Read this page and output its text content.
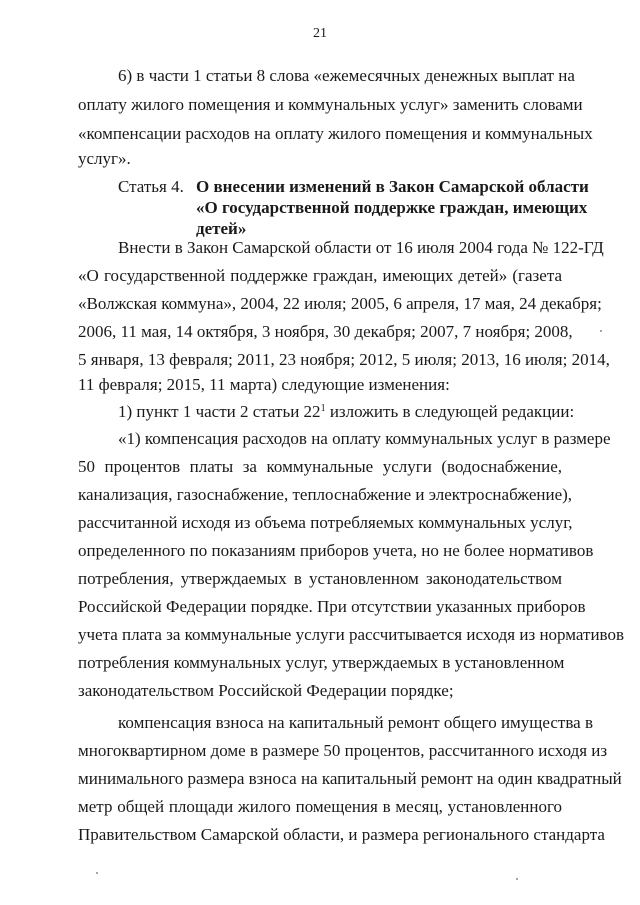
21
6) в части 1 статьи 8 слова «ежемесячных денежных выплат на
оплату жилого помещения и коммунальных услуг» заменить словами
«компенсации расходов на оплату жилого помещения и коммунальных
услуг».
Статья 4. О внесении изменений в Закон Самарской области
«О государственной поддержке граждан, имеющих
детей»
Внести в Закон Самарской области от 16 июля 2004 года № 122-ГД
«О государственной поддержке граждан, имеющих детей» (газета
«Волжская коммуна», 2004, 22 июля; 2005, 6 апреля, 17 мая, 24 декабря;
2006, 11 мая, 14 октября, 3 ноября, 30 декабря; 2007, 7 ноября; 2008,
5 января, 13 февраля; 2011, 23 ноября; 2012, 5 июля; 2013, 16 июля; 2014,
11 февраля; 2015, 11 марта) следующие изменения:
1) пункт 1 части 2 статьи $22^1$ изложить в следующей редакции:
«1) компенсация расходов на оплату коммунальных услуг в размере
50 процентов платы за коммунальные услуги (водоснабжение,
канализация, газоснабжение, теплоснабжение и электроснабжение),
рассчитанной исходя из объема потребляемых коммунальных услуг,
определенного по показаниям приборов учета, но не более нормативов
потребления, утверждаемых в установленном законодательством
Российской Федерации порядке. При отсутствии указанных приборов
учета плата за коммунальные услуги рассчитывается исходя из нормативов
потребления коммунальных услуг, утверждаемых в установленном
законодательством Российской Федерации порядке;
компенсация взноса на капитальный ремонт общего имущества в
многоквартирном доме в размере 50 процентов, рассчитанного исходя из
минимального размера взноса на капитальный ремонт на один квадратный
метр общей площади жилого помещения в месяц, установленного
Правительством Самарской области, и размера регионального стандарта
